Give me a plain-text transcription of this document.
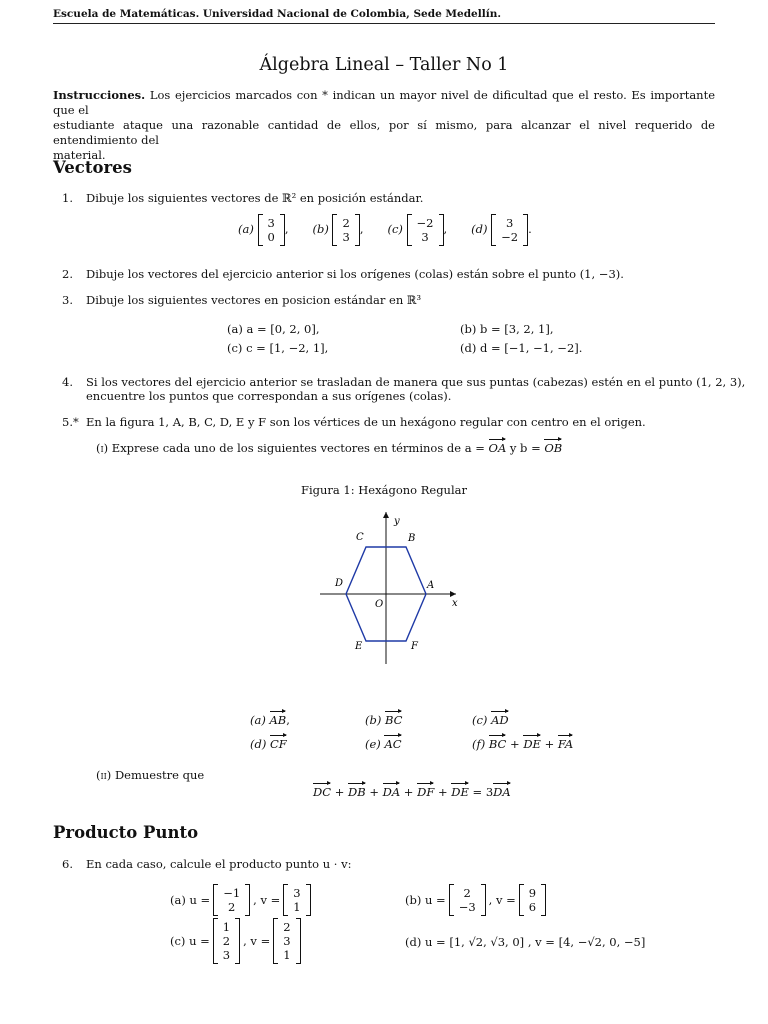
Escuela de Matemáticas. Universidad Nacional de Colombia, Sede Medellín.
Álgebra Lineal – Taller No 1
Instrucciones. Los ejercicios marcados con * indican un mayor nivel de dificultad que el resto. Es importante que el
estudiante ataque una razonable cantidad de ellos, por sí mismo, para alcanzar el nivel requerido de entendimiento del
material.
Vectores
1. Dibuje los siguientes vectores de ℝ² en posición estándar.
(a) 3
0
, (b) 2
3
, (c) −2
3
, (d) 3
−2
.
2. Dibuje los vectores del ejercicio anterior si los orígenes (colas) están sobre el punto (1, −3).
3. Dibuje los siguientes vectores en posicion estándar en ℝ³
(a) a = [0, 2, 0],	(b) b = [3, 2, 1],
(c) c = [1, −2, 1],	(d) d = [−1, −1, −2].
4. Si los vectores del ejercicio anterior se trasladan de manera que sus puntas (cabezas) estén en el punto (1, 2, 3),
encuentre los puntos que correspondan a sus orígenes (colas).
5.* En la figura 1, A, B, C, D, E y F son los vértices de un hexágono regular con centro en el origen.
(i) Exprese cada uno de los siguientes vectores en términos de a = OA y b = OB
Figura 1: Hexágono Regular
y
x
A
B
C
D
E	F
O
(a) AB,	(b) BC	(c) AD
(d) CF	(e) AC	(f) BC + DE + FA
(ii) Demuestre que
DC + DB + DA + DF + DE = 3DA
Producto Punto
6. En cada caso, calcule el producto punto u · v:
(a) u = −1
2 , v = 3
1	(b) u = 2
−3 , v = 9
6
(c) u =
1
2
3
, v =
2
3
1
(d) u = [1, √2, √3, 0] , v = [4, −√2, 0, −5]
